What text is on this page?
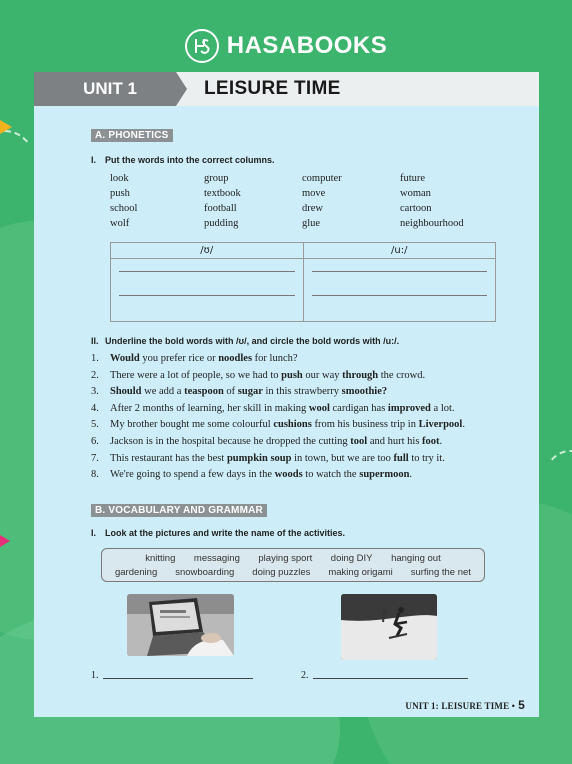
HASABOOKS
UNIT 1	LEISURE TIME
A. PHONETICS
I. Put the words into the correct columns.
look	group	computer	future
push	textbook	move	woman
school	football	drew	cartoon
wolf	pudding	glue	neighbourhood
/ʊ/	/u:/
II. Underline the bold words with /ʊ/, and circle the bold words with /u:/.
1.	Would you prefer rice or noodles for lunch?
2.	There were a lot of people, so we had to push our way through the crowd.
3.	Should we add a teaspoon of sugar in this strawberry smoothie?
4.	After 2 months of learning, her skill in making wool cardigan has improved a lot.
5.	My brother bought me some colourful cushions from his business trip in Liverpool.
6.	Jackson is in the hospital because he dropped the cutting tool and hurt his foot.
7.	This restaurant has the best pumpkin soup in town, but we are too full to try it.
8.	We're going to spend a few days in the woods to watch the supermoon.
B. VOCABULARY AND GRAMMAR
I. Look at the pictures and write the name of the activities.
knitting messaging playing sport doing DIY hanging out
gardening snowboarding doing puzzles making origami surfing the net
1.	2.
UNIT 1: LEISURE TIME • 5
